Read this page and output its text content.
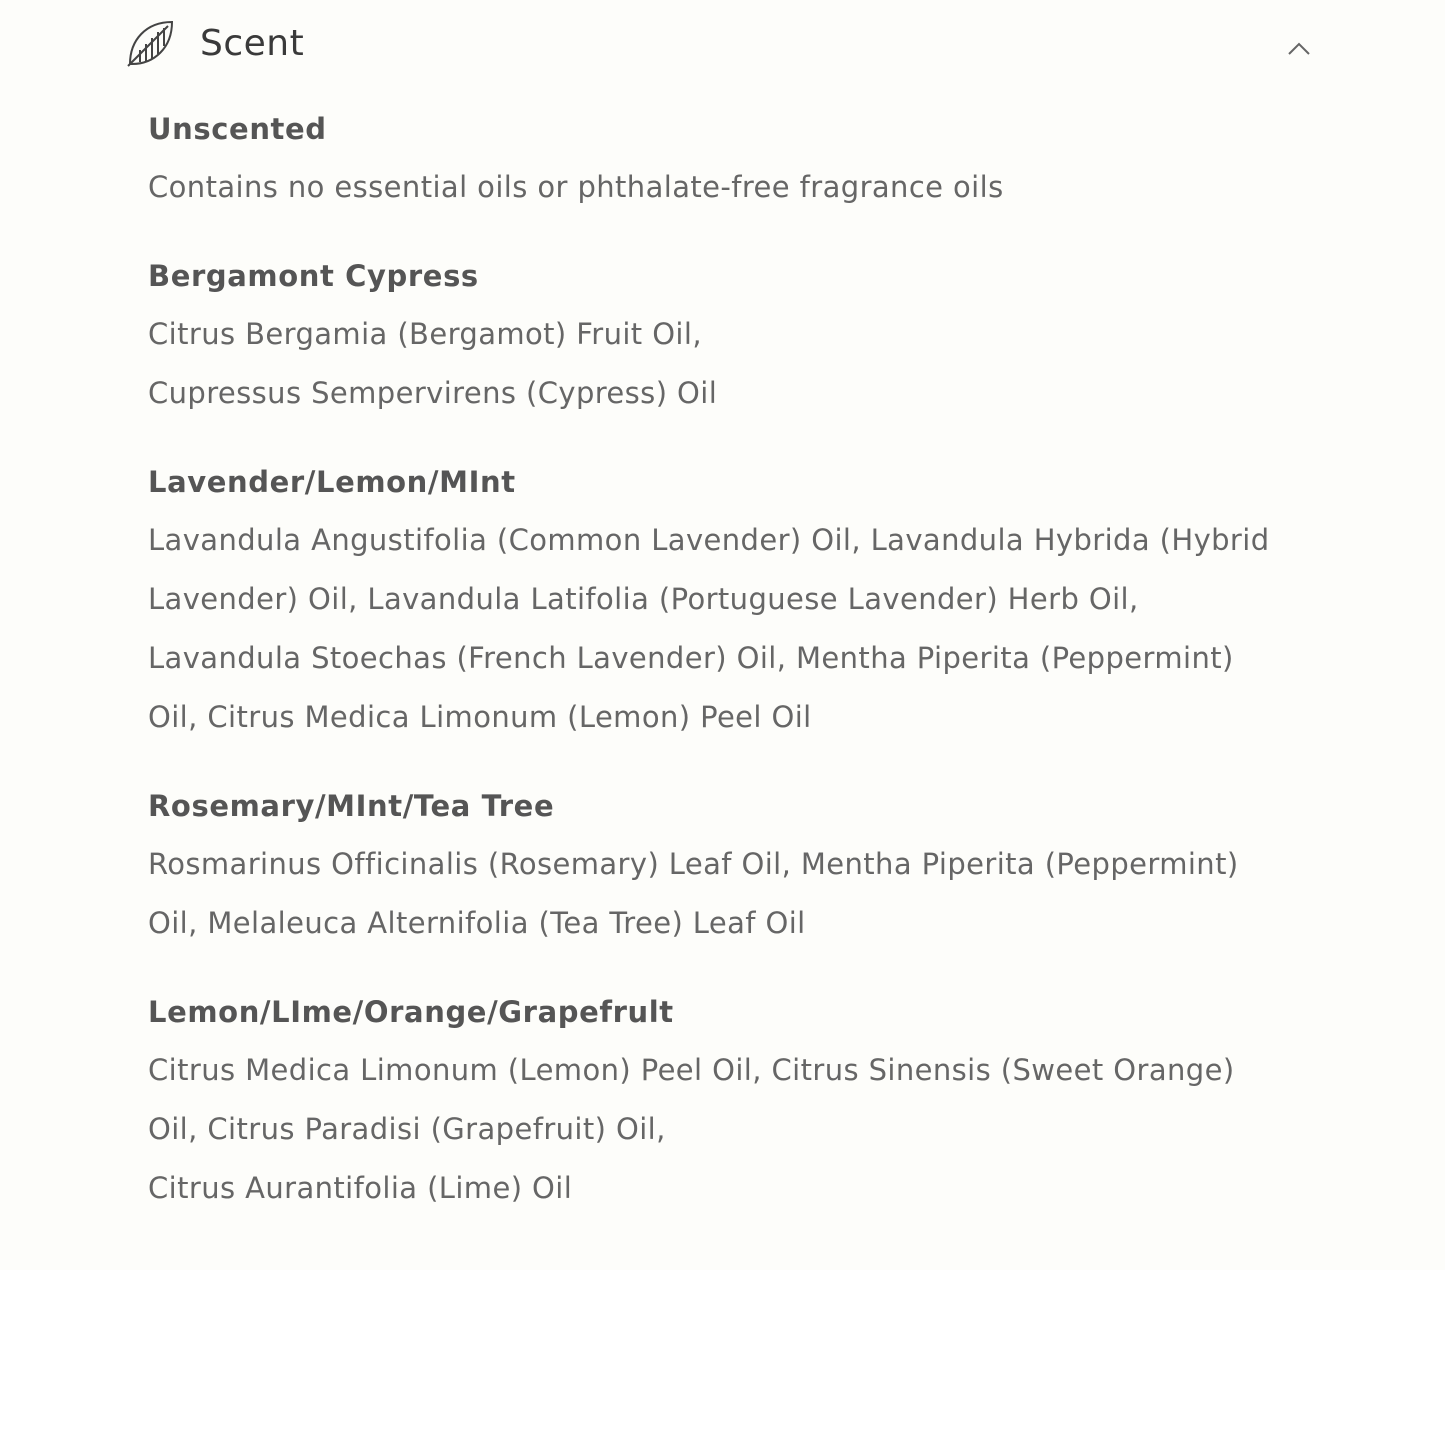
Scent
Unscented
Contains no essential oils or phthalate-free fragrance oils
Bergamont Cypress
Citrus Bergamia (Bergamot) Fruit Oil,
Cupressus Sempervirens (Cypress) Oil
Lavender/Lemon/MInt
Lavandula Angustifolia (Common Lavender) Oil, Lavandula Hybrida (Hybrid
Lavender) Oil, Lavandula Latifolia (Portuguese Lavender) Herb Oil,
Lavandula Stoechas (French Lavender) Oil, Mentha Piperita (Peppermint)
Oil, Citrus Medica Limonum (Lemon) Peel Oil
Rosemary/MInt/Tea Tree
Rosmarinus Officinalis (Rosemary) Leaf Oil, Mentha Piperita (Peppermint)
Oil, Melaleuca Alternifolia (Tea Tree) Leaf Oil
Lemon/LIme/Orange/Grapefrult
Citrus Medica Limonum (Lemon) Peel Oil, Citrus Sinensis (Sweet Orange)
Oil, Citrus Paradisi (Grapefruit) Oil,
Citrus Aurantifolia (Lime) Oil
